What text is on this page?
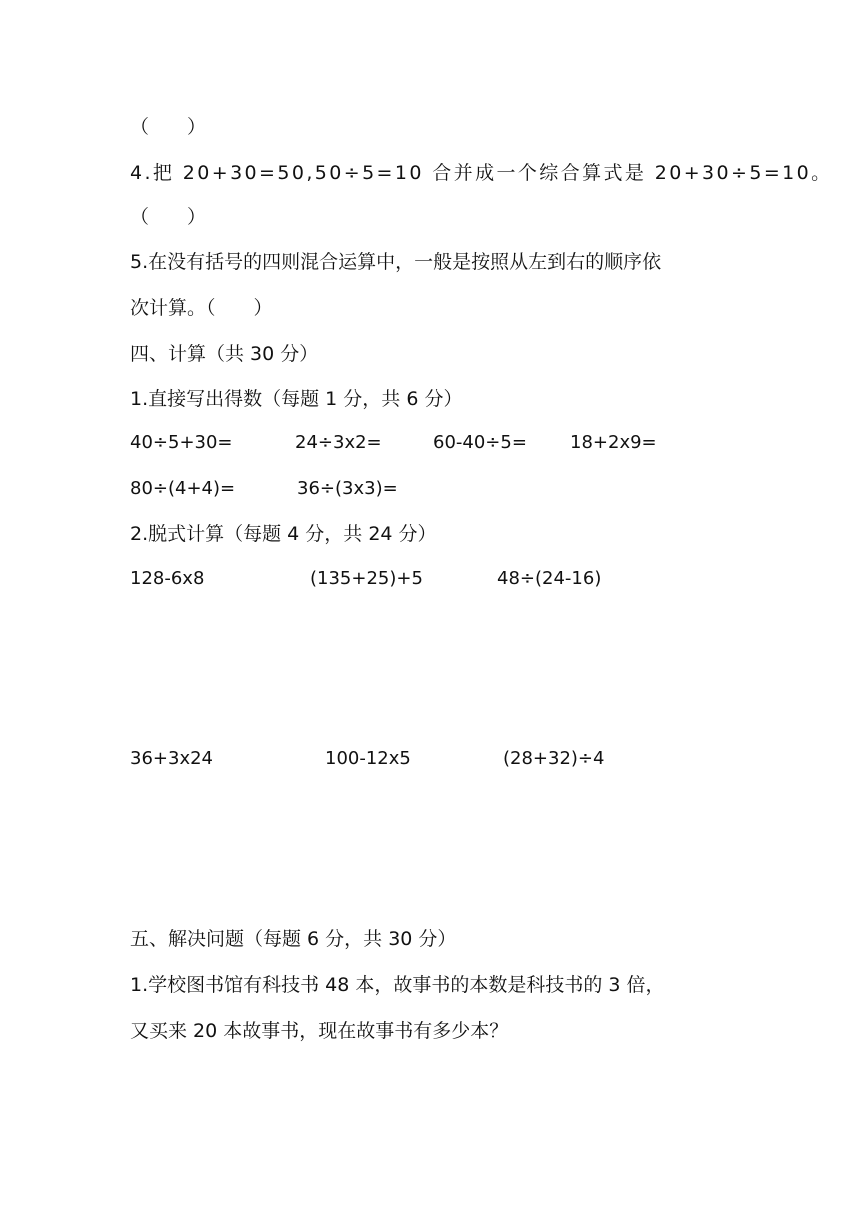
（　　）
4.把 20+30=50,50÷5=10 合并成一个综合算式是 20+30÷5=10。
（　　）
5.在没有括号的四则混合运算中，一般是按照从左到右的顺序依
次计算。（　　）
四、计算（共 30 分）
1.直接写出得数（每题 1 分，共 6 分）
40÷5+30=	24÷3x2=	60-40÷5= 18+2x9=
80÷(4+4)=	36÷(3x3)=
2.脱式计算（每题 4 分，共 24 分）
128-6x8	(135+25)+5	48÷(24-16)
36+3x24	100-12x5	(28+32)÷4
五、解决问题（每题 6 分，共 30 分）
1.学校图书馆有科技书 48 本，故事书的本数是科技书的 3 倍，
又买来 20 本故事书，现在故事书有多少本？
